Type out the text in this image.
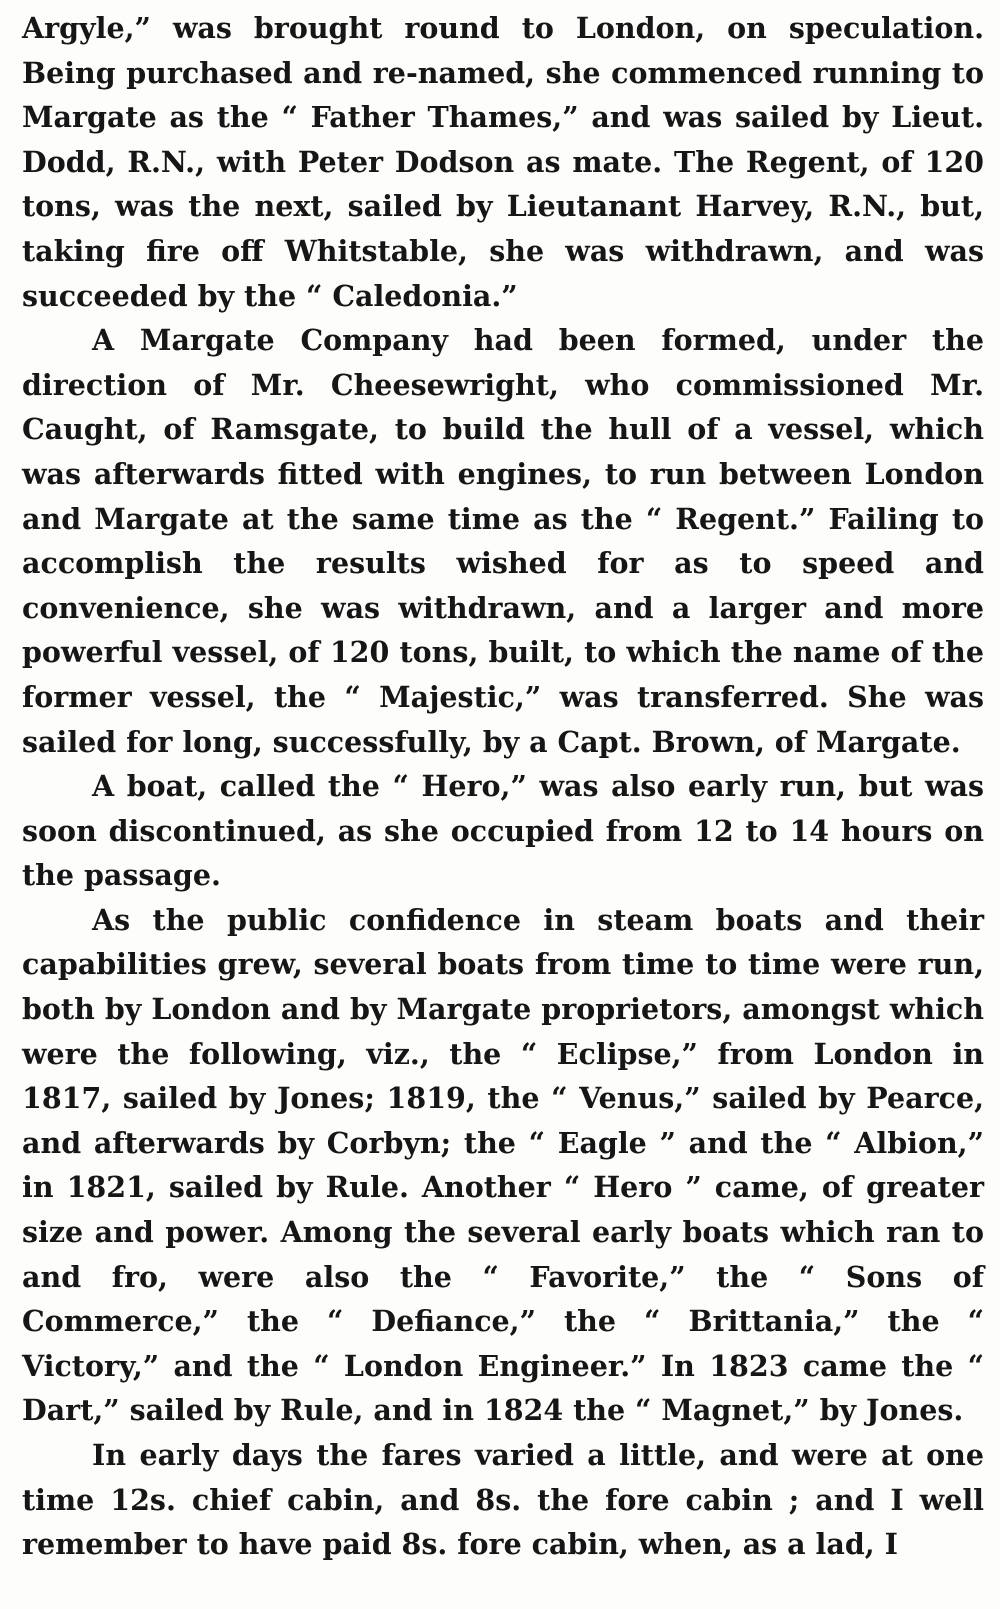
Argyle,” was brought round to London, on speculation. Being purchased and re-named, she commenced running to Margate as the “ Father Thames,” and was sailed by Lieut. Dodd, R.N., with Peter Dodson as mate. The Regent, of 120 tons, was the next, sailed by Lieutanant Harvey, R.N., but, taking fire off Whitstable, she was withdrawn, and was succeeded by the “ Caledonia.”

A Margate Company had been formed, under the direction of Mr. Cheesewright, who commissioned Mr. Caught, of Ramsgate, to build the hull of a vessel, which was afterwards fitted with engines, to run between London and Margate at the same time as the “ Regent.” Failing to accomplish the results wished for as to speed and convenience, she was withdrawn, and a larger and more powerful vessel, of 120 tons, built, to which the name of the former vessel, the “ Majestic,” was transferred. She was sailed for long, successfully, by a Capt. Brown, of Margate.

A boat, called the “ Hero,” was also early run, but was soon discontinued, as she occupied from 12 to 14 hours on the passage.

As the public confidence in steam boats and their capabilities grew, several boats from time to time were run, both by London and by Margate proprietors, amongst which were the following, viz., the “ Eclipse,” from London in 1817, sailed by Jones; 1819, the “ Venus,” sailed by Pearce, and afterwards by Corbyn; the “ Eagle ” and the “ Albion,” in 1821, sailed by Rule. Another “ Hero ” came, of greater size and power. Among the several early boats which ran to and fro, were also the “ Favorite,” the “ Sons of Commerce,” the “ Defiance,” the “ Brittania,” the “ Victory,” and the “ London Engineer.” In 1823 came the “ Dart,” sailed by Rule, and in 1824 the “ Magnet,” by Jones.

In early days the fares varied a little, and were at one time 12s. chief cabin, and 8s. the fore cabin ; and I well remember to have paid 8s. fore cabin, when, as a lad, I
